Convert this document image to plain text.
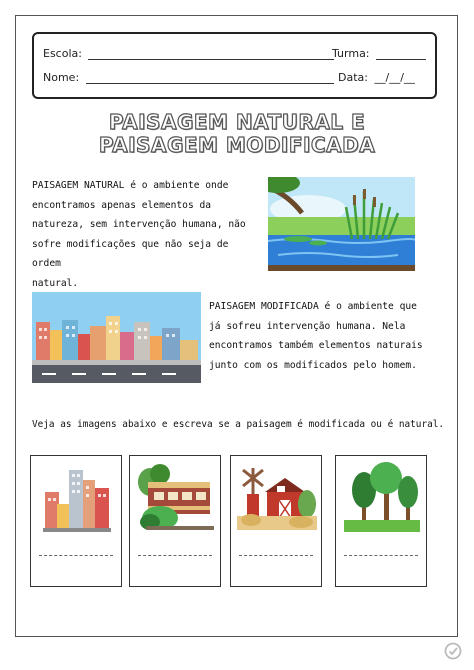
Escola:	Turma:
Nome:	Data: __/__/__
PAISAGEM NATURAL E
PAISAGEM MODIFICADA
PAISAGEM NATURAL é o ambiente onde
encontramos apenas elementos da
natureza, sem intervenção humana, não
sofre modificações que não seja de ordem
natural.
PAISAGEM MODIFICADA é o ambiente que
já sofreu intervenção humana. Nela
encontramos também elementos naturais
junto com os modificados pelo homem.
Veja as imagens abaixo e escreva se a paisagem é modificada ou é natural.
